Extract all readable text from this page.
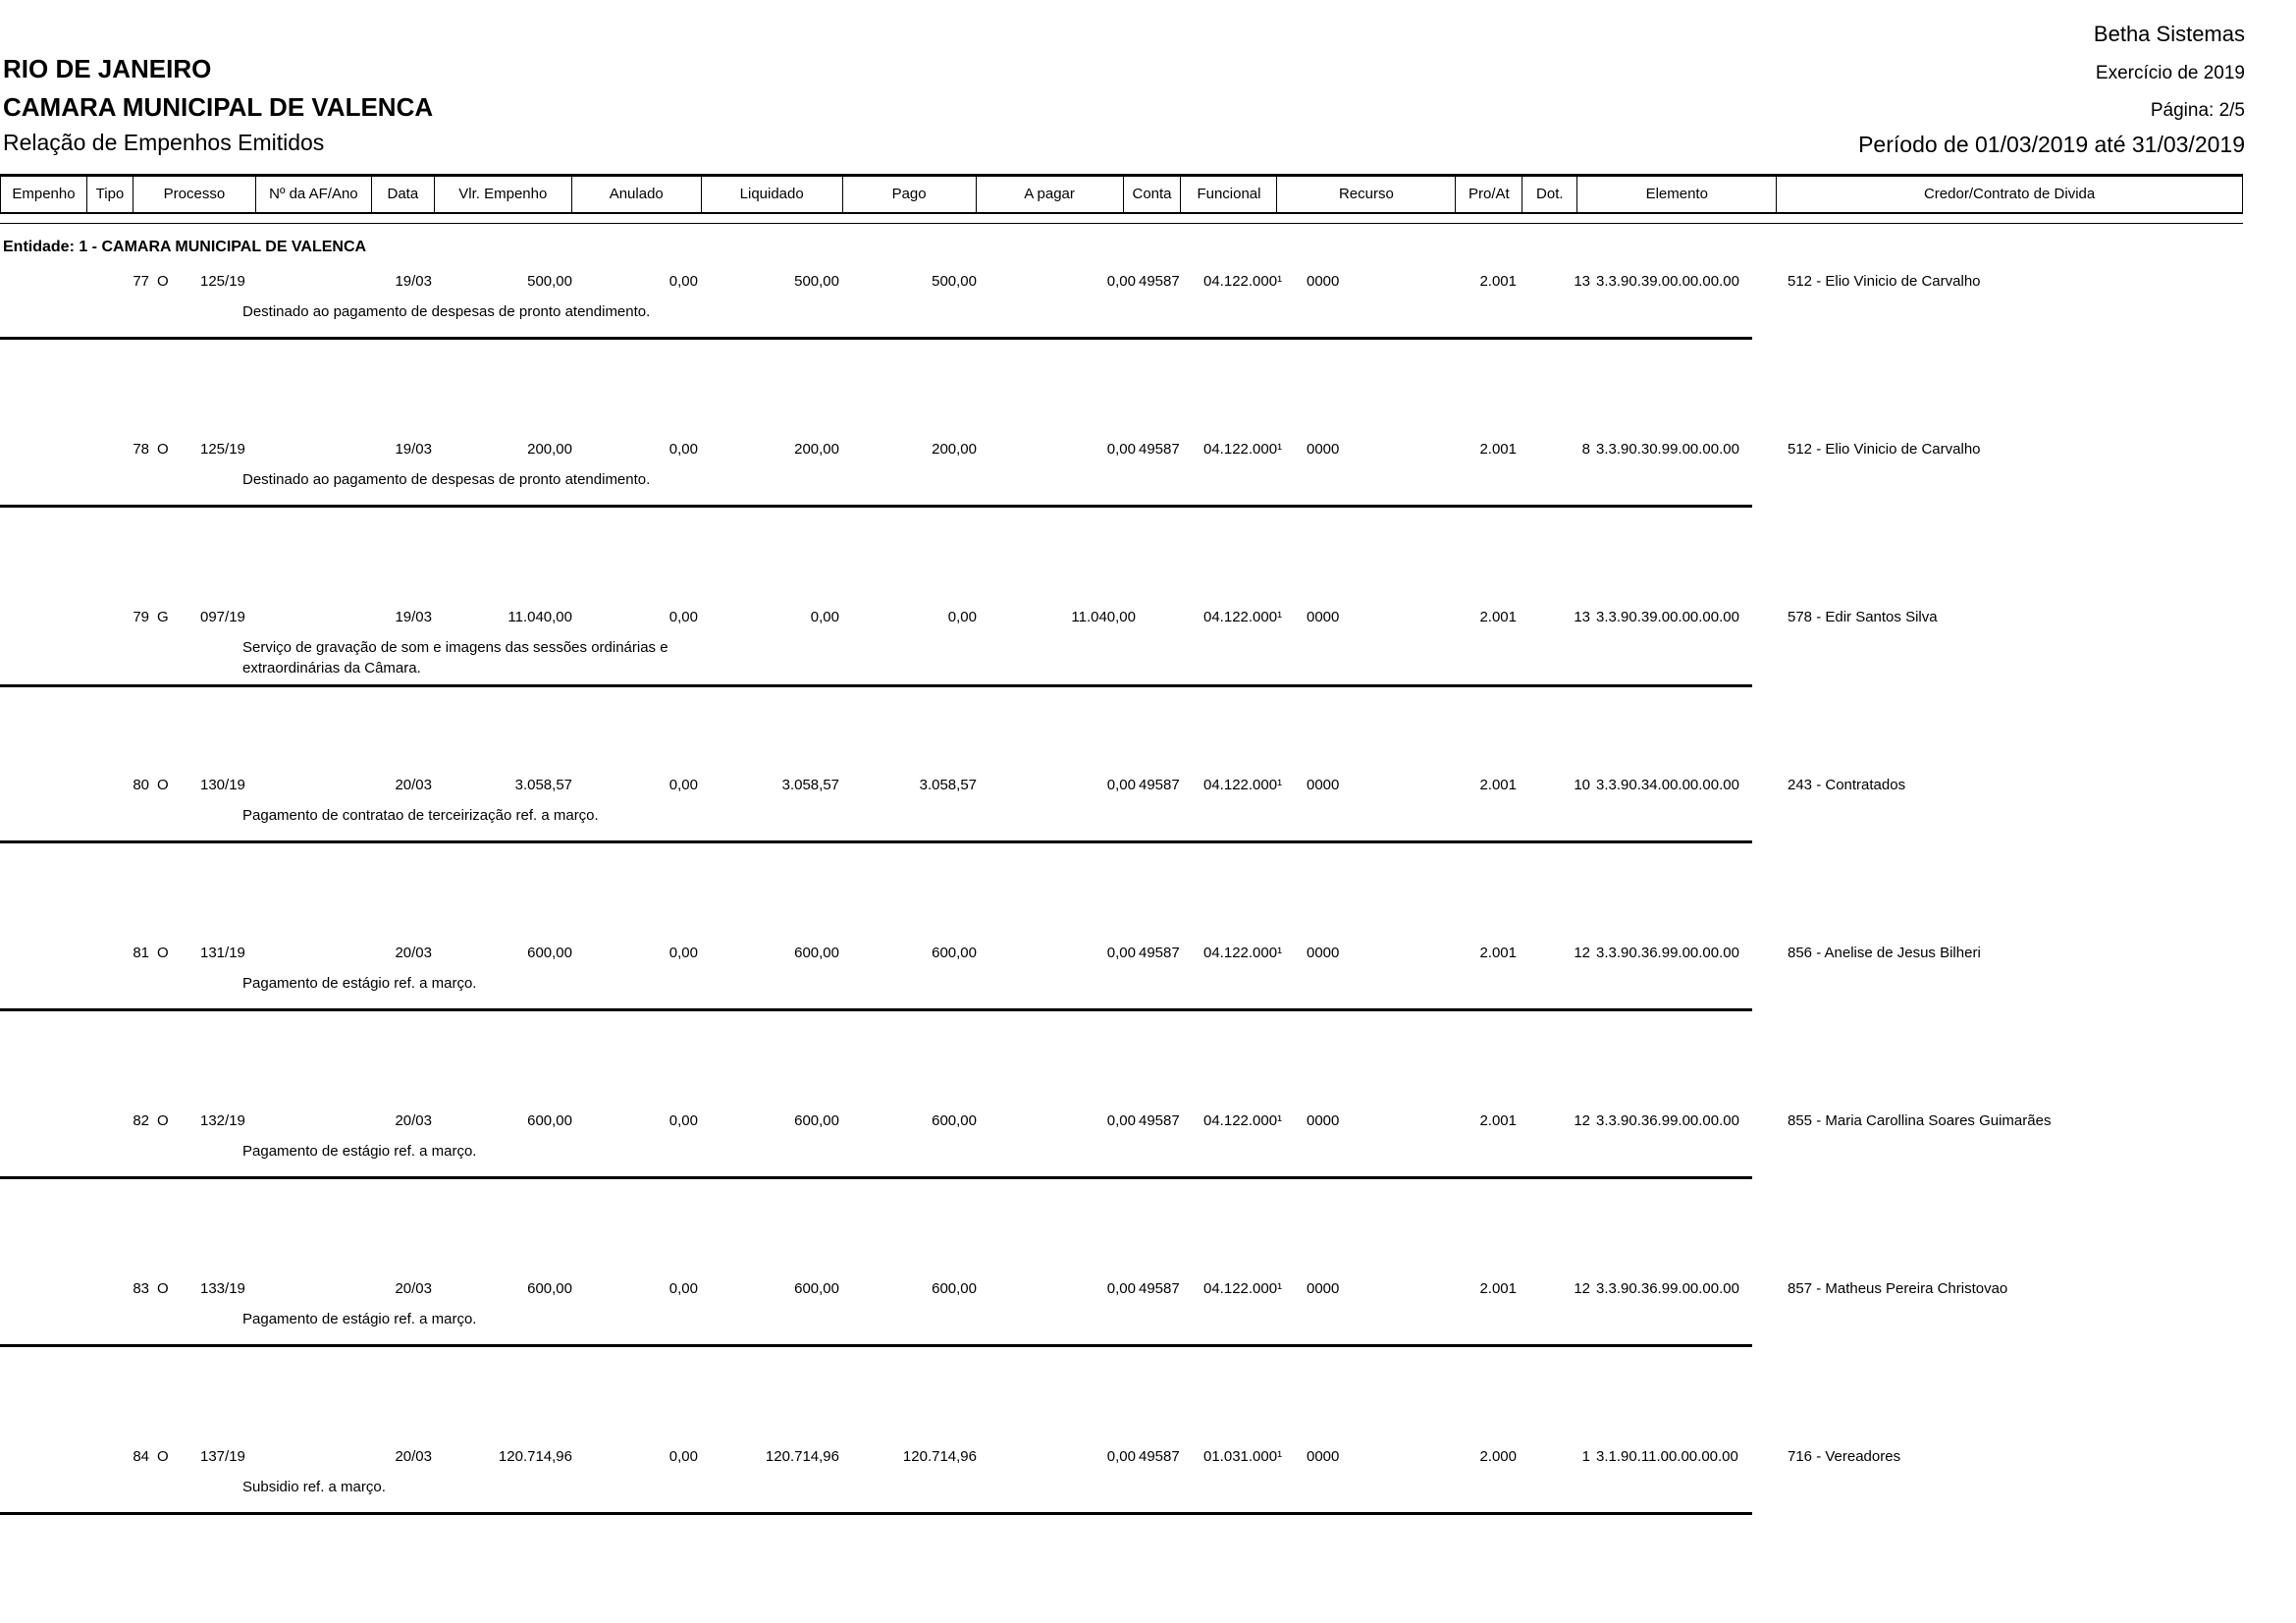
Betha Sistemas
RIO DE JANEIRO	Exercício de 2019
CAMARA MUNICIPAL DE VALENCA	Página: 2/5
Relação de Empenhos Emitidos	Período de 01/03/2019 até 31/03/2019
Empenho	Tipo	Processo	Nº da AF/Ano	Data	Vlr. Empenho	Anulado	Liquidado	Pago	A pagar	Conta	Funcional	Recurso	Pro/At	Dot.	Elemento	Credor/Contrato de Divida
Entidade: 1 - CAMARA MUNICIPAL DE VALENCA
77 O	125/19	19/03	500,00	0,00	500,00	500,00	0,00 49587	04.122.000¹	0000	2.001	13 3.3.90.39.00.00.00.00	512 - Elio Vinicio de Carvalho
Destinado ao pagamento de despesas de pronto atendimento.
78 O	125/19	19/03	200,00	0,00	200,00	200,00	0,00 49587	04.122.000¹	0000	2.001	8 3.3.90.30.99.00.00.00	512 - Elio Vinicio de Carvalho
Destinado ao pagamento de despesas de pronto atendimento.
79 G	097/19	19/03	11.040,00	0,00	0,00	0,00	11.040,00	04.122.000¹	0000	2.001	13 3.3.90.39.00.00.00.00	578 - Edir Santos Silva
Serviço de gravação de som e imagens das sessões ordinárias e extraordinárias da Câmara.
80 O	130/19	20/03	3.058,57	0,00	3.058,57	3.058,57	0,00 49587	04.122.000¹	0000	2.001	10 3.3.90.34.00.00.00.00	243 - Contratados
Pagamento de contratao de terceirização ref. a março.
81 O	131/19	20/03	600,00	0,00	600,00	600,00	0,00 49587	04.122.000¹	0000	2.001	12 3.3.90.36.99.00.00.00	856 - Anelise de Jesus Bilheri
Pagamento de estágio ref. a março.
82 O	132/19	20/03	600,00	0,00	600,00	600,00	0,00 49587	04.122.000¹	0000	2.001	12 3.3.90.36.99.00.00.00	855 - Maria Carollina Soares Guimarães
Pagamento de estágio ref. a março.
83 O	133/19	20/03	600,00	0,00	600,00	600,00	0,00 49587	04.122.000¹	0000	2.001	12 3.3.90.36.99.00.00.00	857 - Matheus Pereira Christovao
Pagamento de estágio ref. a março.
84 O	137/19	20/03	120.714,96	0,00	120.714,96	120.714,96	0,00 49587	01.031.000¹	0000	2.000	1 3.1.90.11.00.00.00.00	716 - Vereadores
Subsidio ref. a março.
